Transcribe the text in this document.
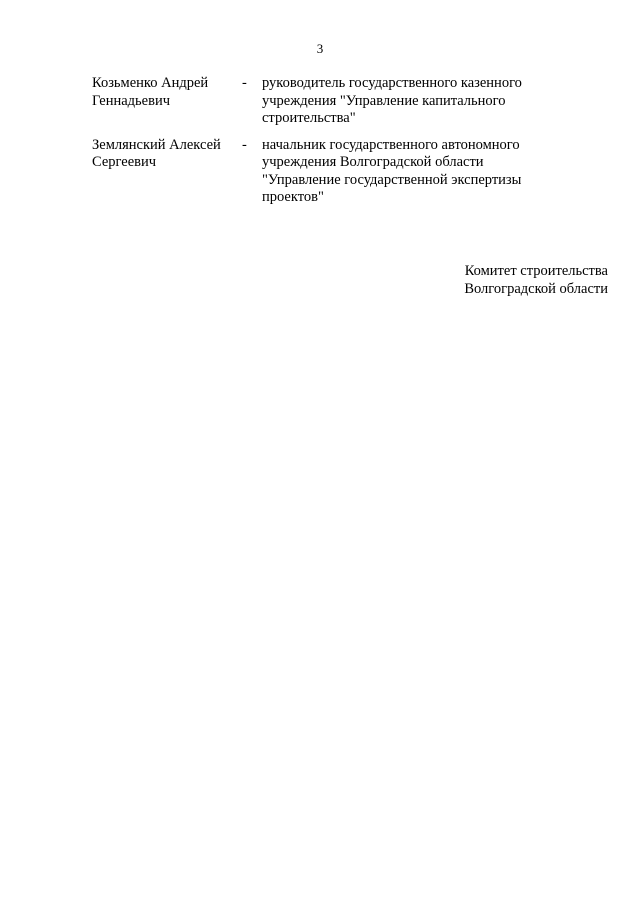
3
Козьменко Андрей
Геннадьевич
-	руководитель государственного казенного
учреждения "Управление капитального
строительства"
Землянский Алексей
Сергеевич
-	начальник государственного автономного
учреждения Волгоградской области
"Управление государственной экспертизы
проектов"
Комитет строительства
Волгоградской области
